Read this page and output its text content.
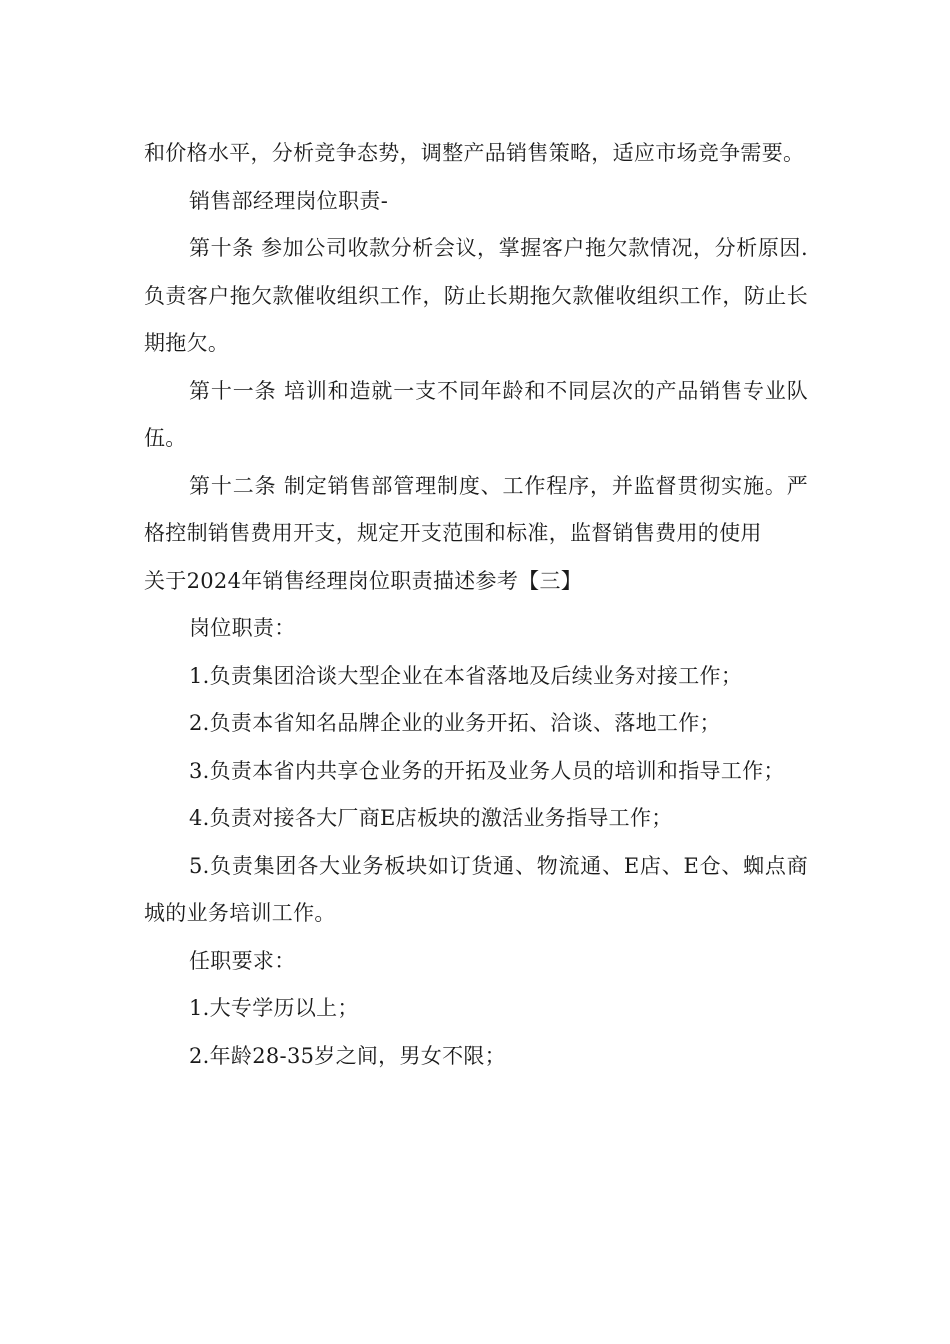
和价格水平，分析竞争态势，调整产品销售策略，适应市场竞争需要。

销售部经理岗位职责-

第十条 参加公司收款分析会议，掌握客户拖欠款情况，分析原因.负责客户拖欠款催收组织工作，防止长期拖欠款催收组织工作，防止长期拖欠。

第十一条 培训和造就一支不同年龄和不同层次的产品销售专业队伍。

第十二条 制定销售部管理制度、工作程序，并监督贯彻实施。严格控制销售费用开支，规定开支范围和标准，监督销售费用的使用

关于2024年销售经理岗位职责描述参考【三】

岗位职责：

1.负责集团洽谈大型企业在本省落地及后续业务对接工作；

2.负责本省知名品牌企业的业务开拓、洽谈、落地工作；

3.负责本省内共享仓业务的开拓及业务人员的培训和指导工作；

4.负责对接各大厂商E店板块的激活业务指导工作；

5.负责集团各大业务板块如订货通、物流通、E店、E仓、蜘点商城的业务培训工作。

任职要求：

1.大专学历以上；

2.年龄28-35岁之间，男女不限；
